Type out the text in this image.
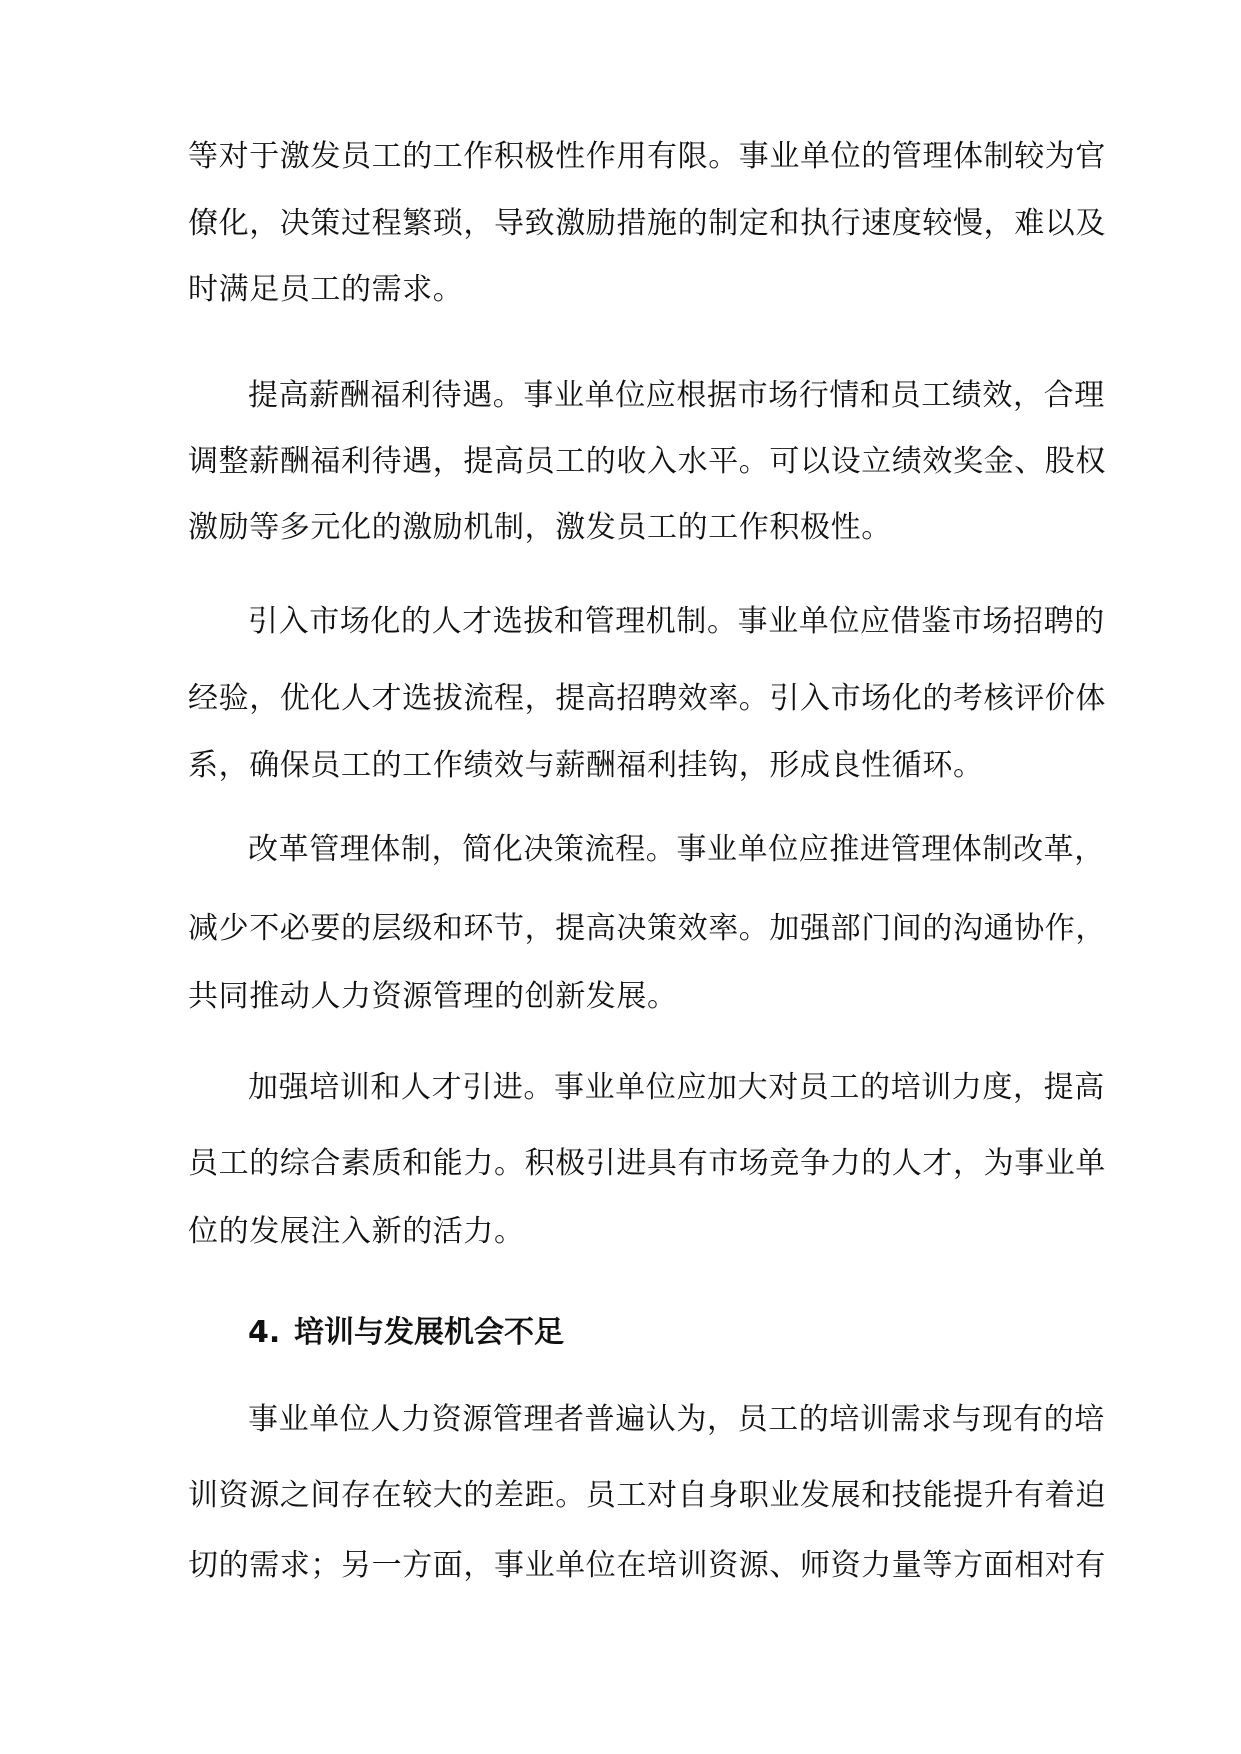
等对于激发员工的工作积极性作用有限。事业单位的管理体制较为官
僚化，决策过程繁琐，导致激励措施的制定和执行速度较慢，难以及
时满足员工的需求。
提高薪酬福利待遇。事业单位应根据市场行情和员工绩效，合理
调整薪酬福利待遇，提高员工的收入水平。可以设立绩效奖金、股权
激励等多元化的激励机制，激发员工的工作积极性。
引入市场化的人才选拔和管理机制。事业单位应借鉴市场招聘的
经验，优化人才选拔流程，提高招聘效率。引入市场化的考核评价体
系，确保员工的工作绩效与薪酬福利挂钩，形成良性循环。
改革管理体制，简化决策流程。事业单位应推进管理体制改革，
减少不必要的层级和环节，提高决策效率。加强部门间的沟通协作，
共同推动人力资源管理的创新发展。
加强培训和人才引进。事业单位应加大对员工的培训力度，提高
员工的综合素质和能力。积极引进具有市场竞争力的人才，为事业单
位的发展注入新的活力。
4. 培训与发展机会不足
事业单位人力资源管理者普遍认为，员工的培训需求与现有的培
训资源之间存在较大的差距。员工对自身职业发展和技能提升有着迫
切的需求；另一方面，事业单位在培训资源、师资力量等方面相对有
